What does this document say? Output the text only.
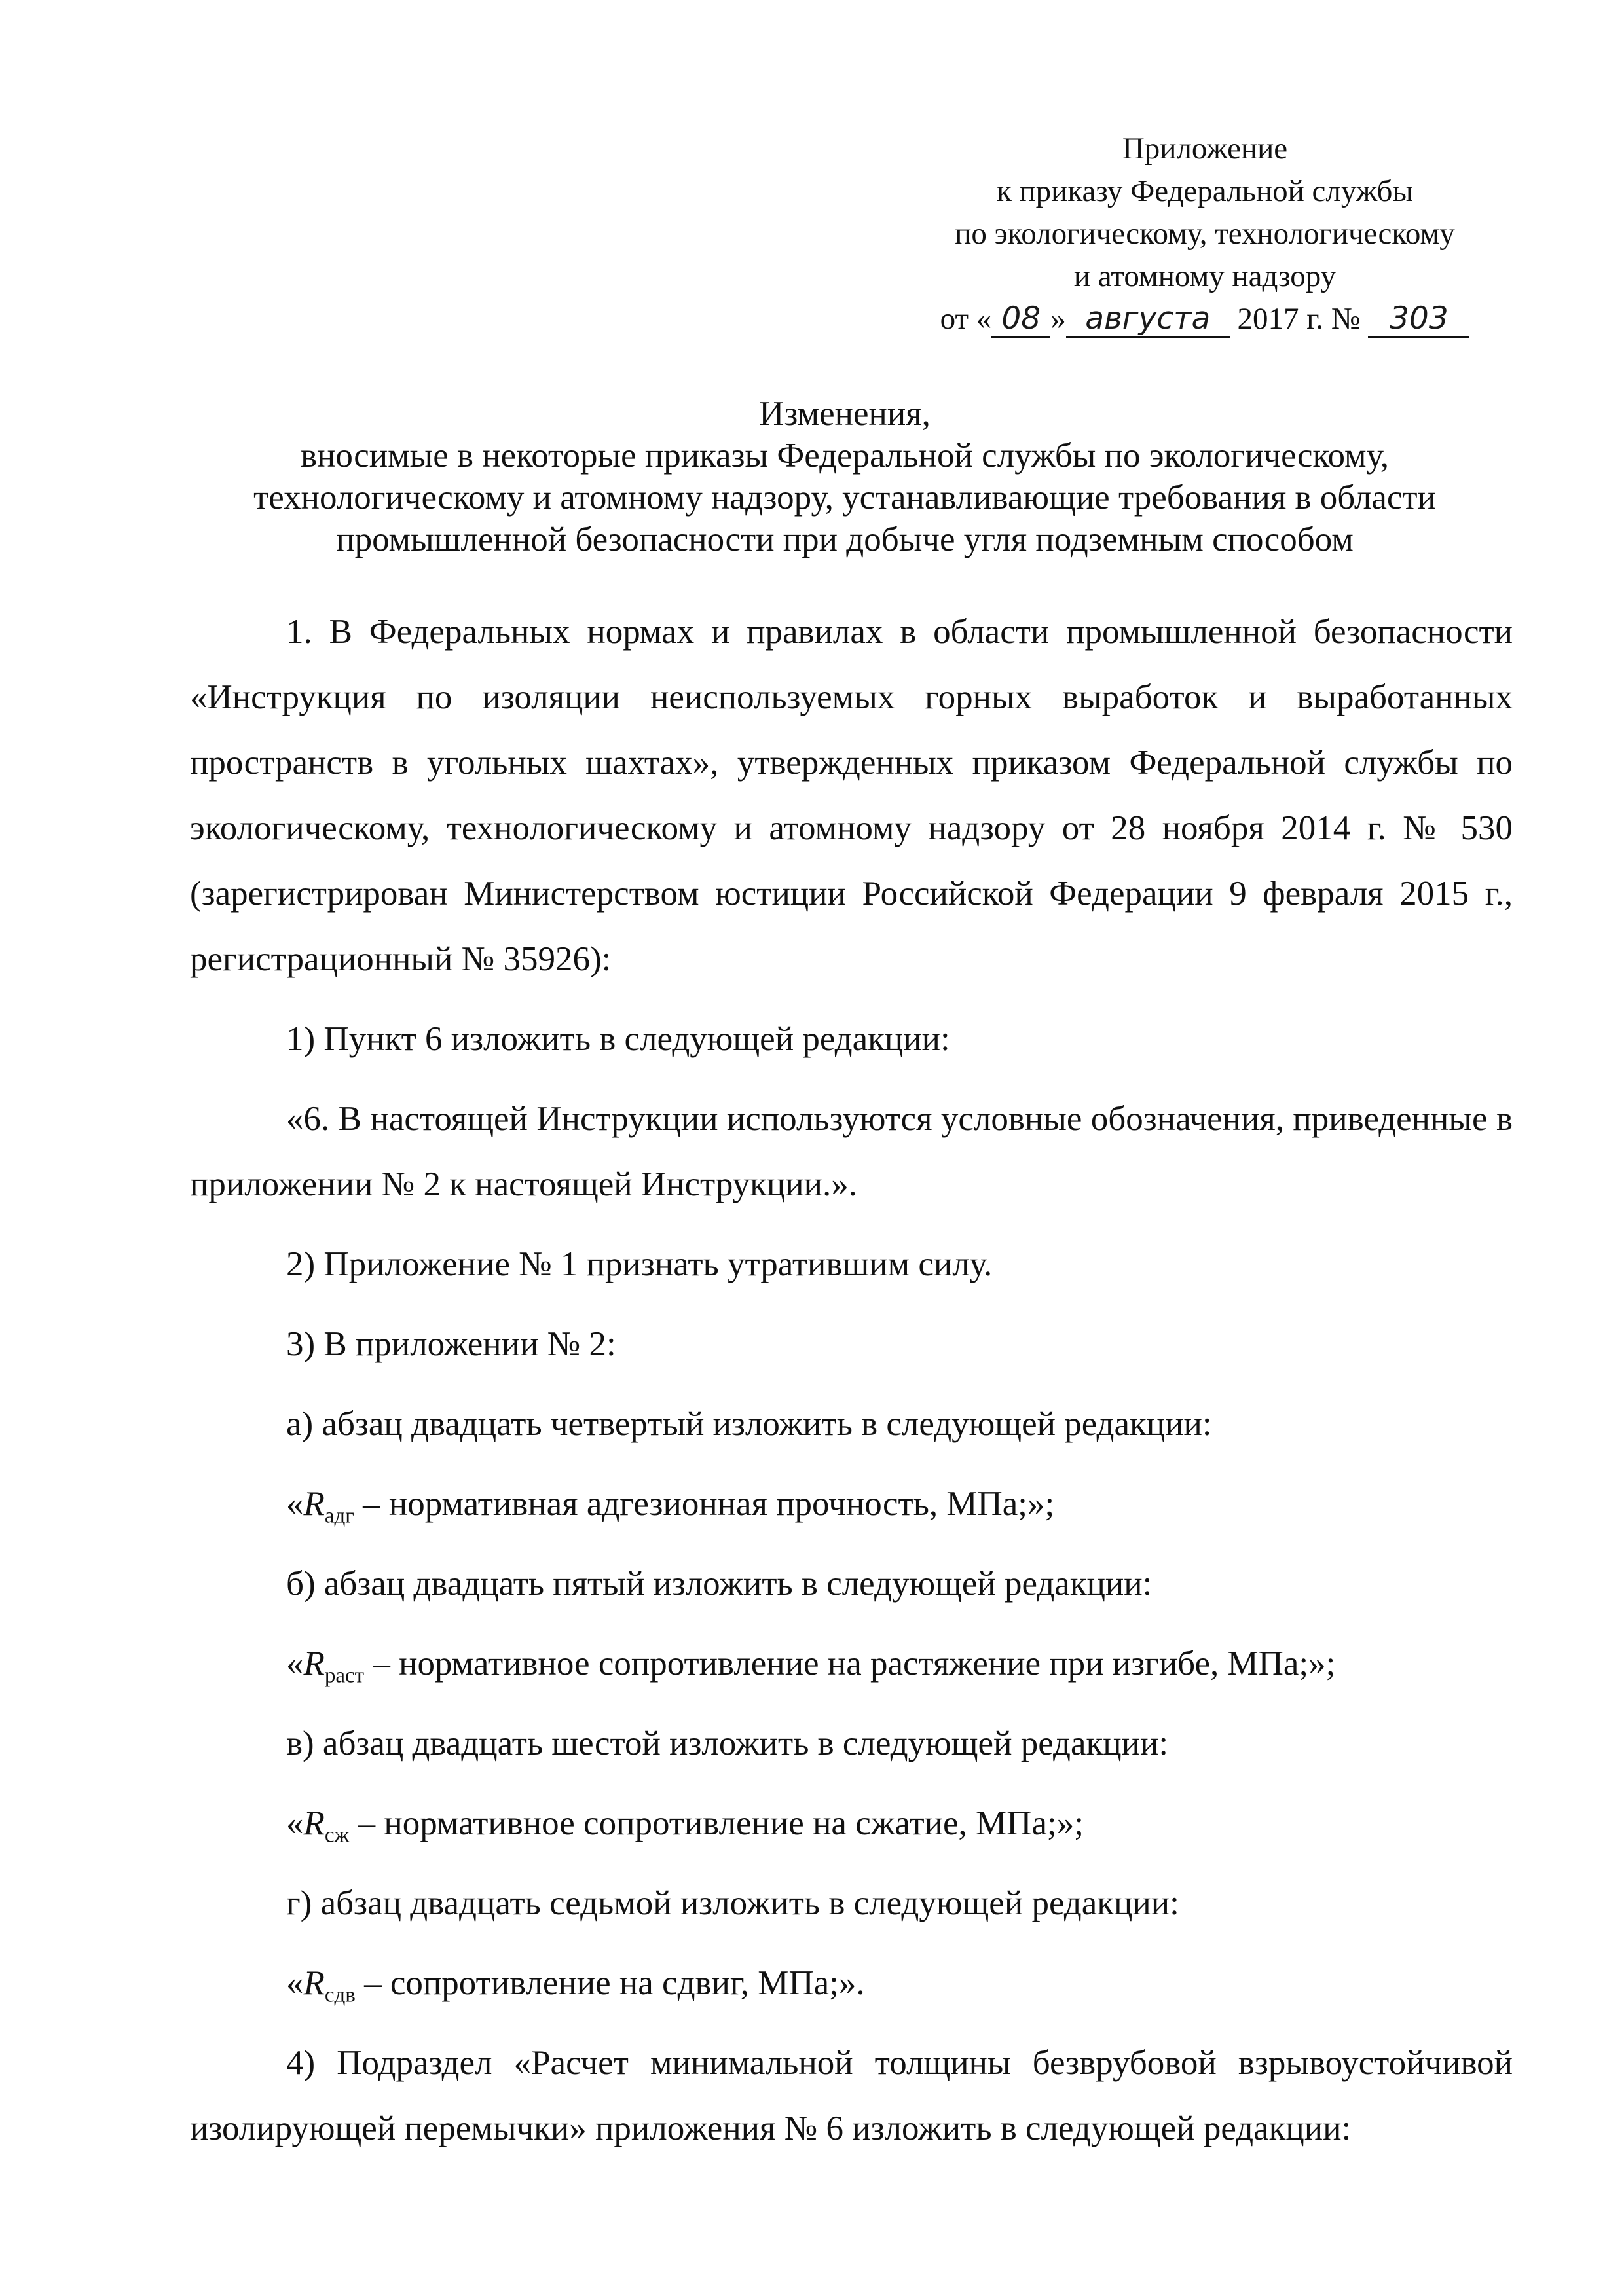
Приложение
к приказу Федеральной службы
по экологическому, технологическому
и атомному надзору
от « 08 » августа 2017 г. № 303
Изменения,
вносимые в некоторые приказы Федеральной службы по экологическому,
технологическому и атомному надзору, устанавливающие требования в области
промышленной безопасности при добыче угля подземным способом

1. В Федеральных нормах и правилах в области промышленной безопасности «Инструкция по изоляции неиспользуемых горных выработок и выработанных пространств в угольных шахтах», утвержденных приказом Федеральной службы по экологическому, технологическому и атомному надзору от 28 ноября 2014 г. № 530 (зарегистрирован Министерством юстиции Российской Федерации 9 февраля 2015 г., регистрационный № 35926):

1) Пункт 6 изложить в следующей редакции:

«6. В настоящей Инструкции используются условные обозначения, приведенные в приложении № 2 к настоящей Инструкции.».

2) Приложение № 1 признать утратившим силу.

3) В приложении № 2:

а) абзац двадцать четвертый изложить в следующей редакции:

«$R_{адг}$ – нормативная адгезионная прочность, МПа;»;

б) абзац двадцать пятый изложить в следующей редакции:

«$R_{раст}$ – нормативное сопротивление на растяжение при изгибе, МПа;»;

в) абзац двадцать шестой изложить в следующей редакции:

«$R_{сж}$ – нормативное сопротивление на сжатие, МПа;»;

г) абзац двадцать седьмой изложить в следующей редакции:

«$R_{сдв}$ – сопротивление на сдвиг, МПа;».

4) Подраздел «Расчет минимальной толщины безврубовой взрывоустойчивой изолирующей перемычки» приложения № 6 изложить в следующей редакции:
